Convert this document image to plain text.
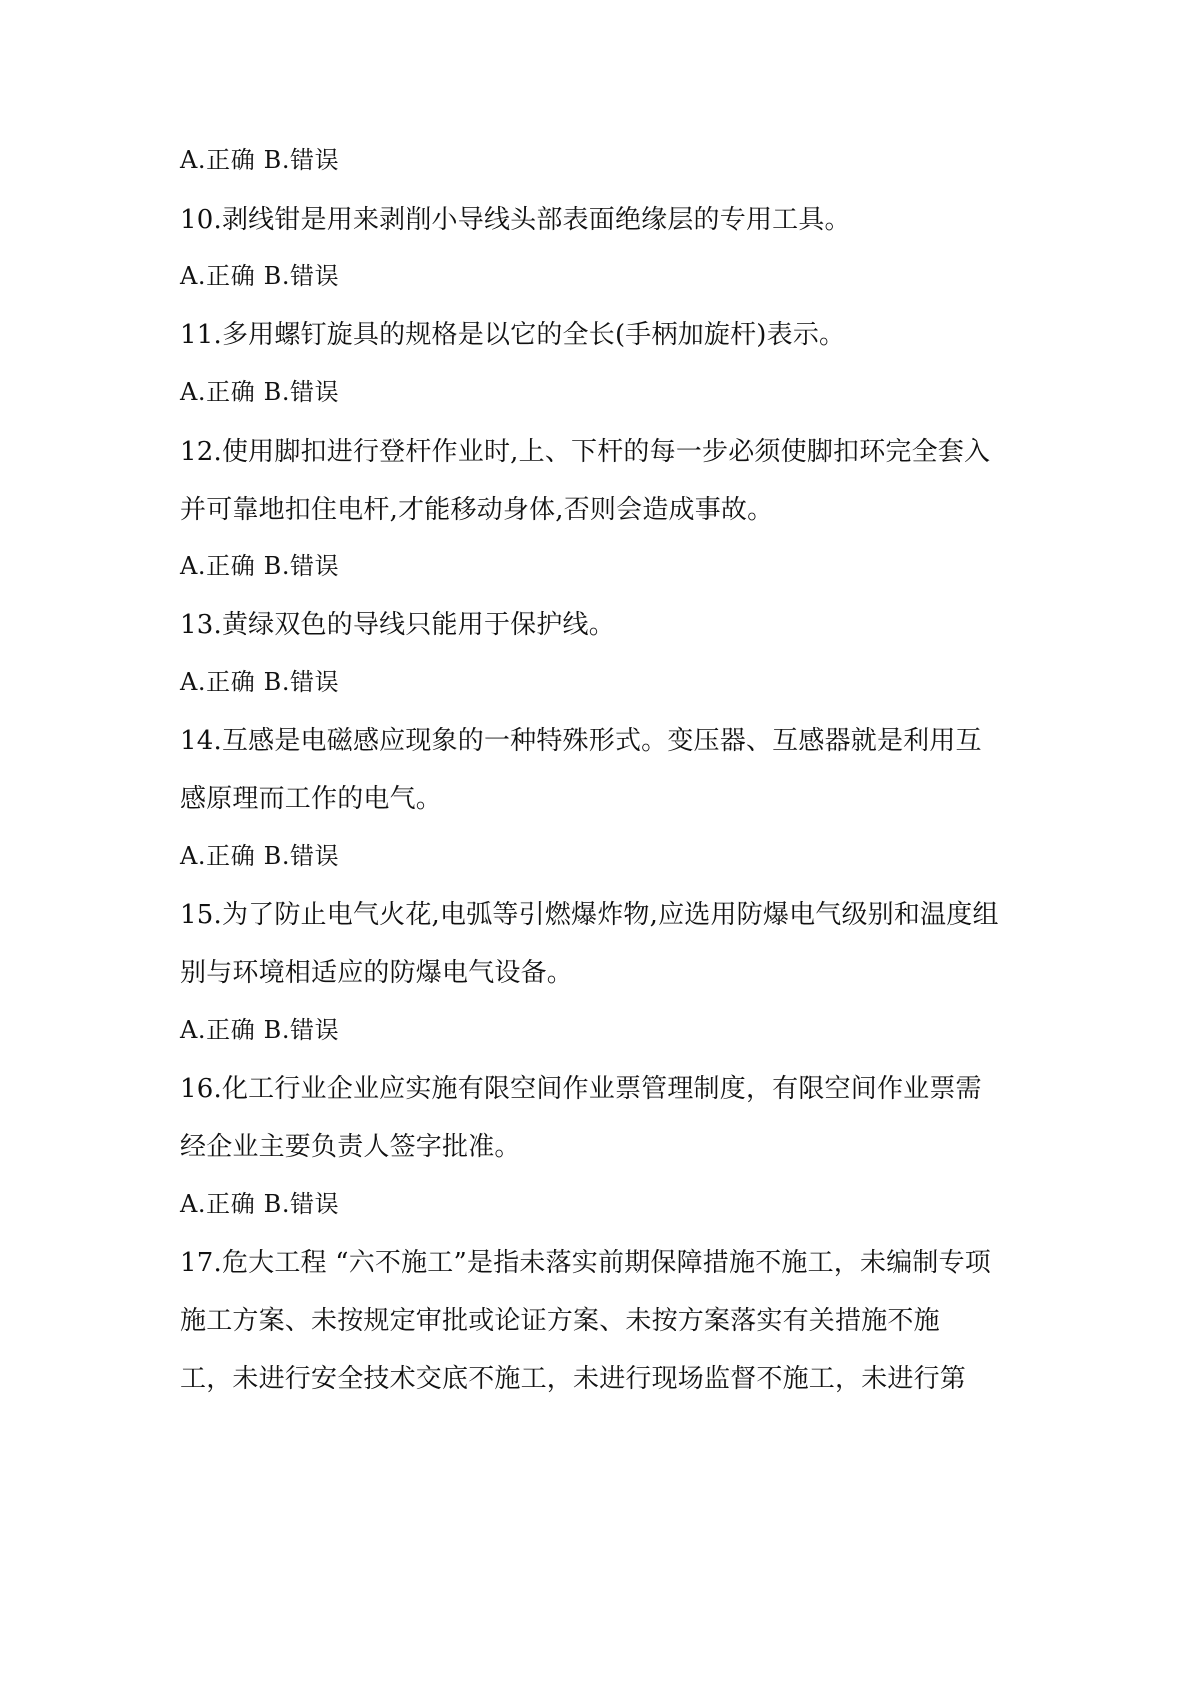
A.正确 B.错误
10.剥线钳是用来剥削小导线头部表面绝缘层的专用工具。
A.正确 B.错误
11.多用螺钉旋具的规格是以它的全长(手柄加旋杆)表示。
A.正确 B.错误
12.使用脚扣进行登杆作业时,上、下杆的每一步必须使脚扣环完全套入
并可靠地扣住电杆,才能移动身体,否则会造成事故。
A.正确 B.错误
13.黄绿双色的导线只能用于保护线。
A.正确 B.错误
14.互感是电磁感应现象的一种特殊形式。变压器、互感器就是利用互
感原理而工作的电气。
A.正确 B.错误
15.为了防止电气火花,电弧等引燃爆炸物,应选用防爆电气级别和温度组
别与环境相适应的防爆电气设备。
A.正确 B.错误
16.化工行业企业应实施有限空间作业票管理制度，有限空间作业票需
经企业主要负责人签字批准。
A.正确 B.错误
17.危大工程 “六不施工”是指未落实前期保障措施不施工，未编制专项
施工方案、未按规定审批或论证方案、未按方案落实有关措施不施
工，未进行安全技术交底不施工，未进行现场监督不施工，未进行第
